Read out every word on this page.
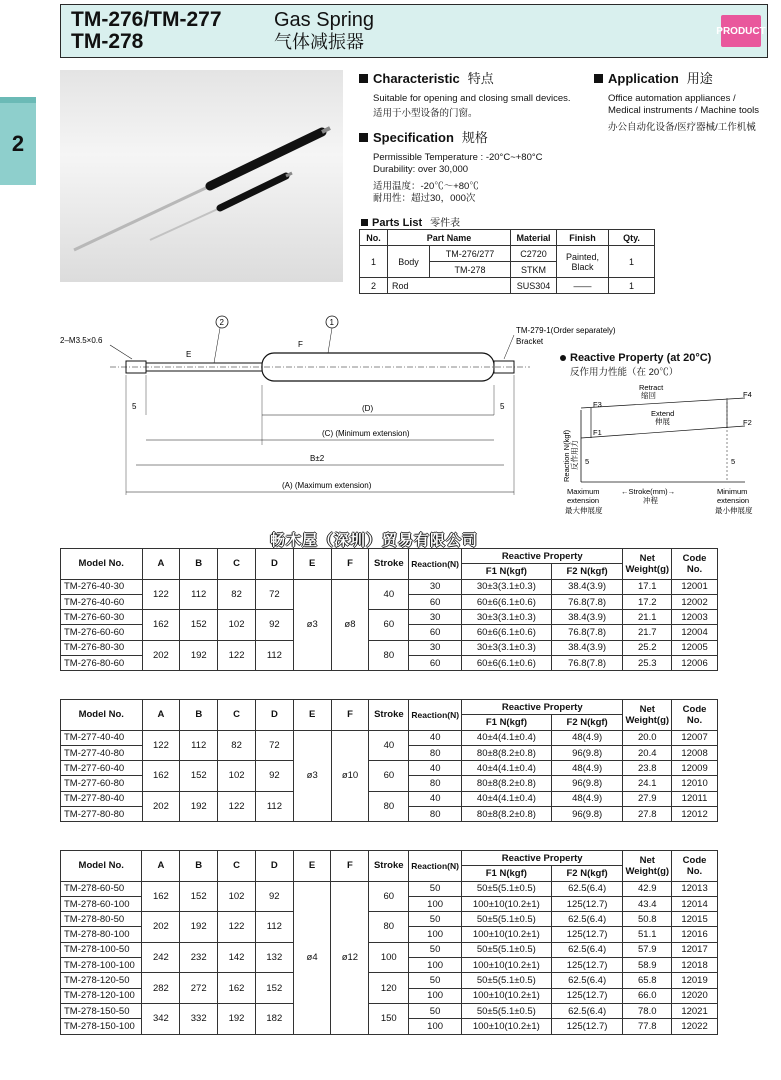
TM-276/TM-277
TM-278
Gas Spring
气体减振器
PRODUCT
2
Characteristic 特点
Suitable for opening and closing small devices.
适用于小型设备的门窗。
Application 用途
Office automation appliances /
Medical instruments / Machine tools
办公自动化设备/医疗器械/工作机械
Specification 规格
Permissible Temperature : -20°C~+80°C
Durability: over 30,000
适用温度：-20℃～+80℃
耐用性：超过30，000次
Parts List 零件表
No.	Part Name		Material	Finish	Qty.
1	Body	TM-276/277	C2720	Painted, Black	1
		TM-278	STKM		
2	Rod		SUS304	——	1
2–M3.5×0.6
2	1
E
F
TM-279-1(Order separately)
Bracket
5	5
(D)
(C) (Minimum extension)
B±2
(A) (Maximum extension)
Reactive Property (at 20°C)
反作用力性能（在 20℃）
F3
F4
F1
F2
Retract
缩回
Extend
伸展
Reaction N(kgf) 反作用力 5	5
Maximum
extension
最大伸展度
←Stroke(mm)→
冲程
Minimum
extension
最小伸展度
畅木屋（深圳）贸易有限公司
Model No.	A	B	C	D	E	F	Stroke	Reaction(N)	Reactive Property		Net Weight(g)	Code No.
									F1 N(kgf)	F2 N(kgf)		
TM-276-40-30	122	112	82	72	ø3	ø8	40	30	30±3(3.1±0.3)	38.4(3.9)	17.1	12001
TM-276-40-60								60	60±6(6.1±0.6)	76.8(7.8)	17.2	12002
TM-276-60-30	162	152	102	92			60	30	30±3(3.1±0.3)	38.4(3.9)	21.1	12003
TM-276-60-60								60	60±6(6.1±0.6)	76.8(7.8)	21.7	12004
TM-276-80-30	202	192	122	112			80	30	30±3(3.1±0.3)	38.4(3.9)	25.2	12005
TM-276-80-60								60	60±6(6.1±0.6)	76.8(7.8)	25.3	12006
Model No.	A	B	C	D	E	F	Stroke	Reaction(N)	Reactive Property		Net Weight(g)	Code No.
									F1 N(kgf)	F2 N(kgf)		
TM-277-40-40	122	112	82	72	ø3	ø10	40	40	40±4(4.1±0.4)	48(4.9)	20.0	12007
TM-277-40-80								80	80±8(8.2±0.8)	96(9.8)	20.4	12008
TM-277-60-40	162	152	102	92			60	40	40±4(4.1±0.4)	48(4.9)	23.8	12009
TM-277-60-80								80	80±8(8.2±0.8)	96(9.8)	24.1	12010
TM-277-80-40	202	192	122	112			80	40	40±4(4.1±0.4)	48(4.9)	27.9	12011
TM-277-80-80								80	80±8(8.2±0.8)	96(9.8)	27.8	12012
Model No.	A	B	C	D	E	F	Stroke	Reaction(N)	Reactive Property		Net Weight(g)	Code No.
									F1 N(kgf)	F2 N(kgf)		
TM-278-60-50	162	152	102	92	ø4	ø12	60	50	50±5(5.1±0.5)	62.5(6.4)	42.9	12013
TM-278-60-100								100	100±10(10.2±1)	125(12.7)	43.4	12014
TM-278-80-50	202	192	122	112			80	50	50±5(5.1±0.5)	62.5(6.4)	50.8	12015
TM-278-80-100								100	100±10(10.2±1)	125(12.7)	51.1	12016
TM-278-100-50	242	232	142	132			100	50	50±5(5.1±0.5)	62.5(6.4)	57.9	12017
TM-278-100-100								100	100±10(10.2±1)	125(12.7)	58.9	12018
TM-278-120-50	282	272	162	152			120	50	50±5(5.1±0.5)	62.5(6.4)	65.8	12019
TM-278-120-100								100	100±10(10.2±1)	125(12.7)	66.0	12020
TM-278-150-50	342	332	192	182			150	50	50±5(5.1±0.5)	62.5(6.4)	78.0	12021
TM-278-150-100								100	100±10(10.2±1)	125(12.7)	77.8	12022
